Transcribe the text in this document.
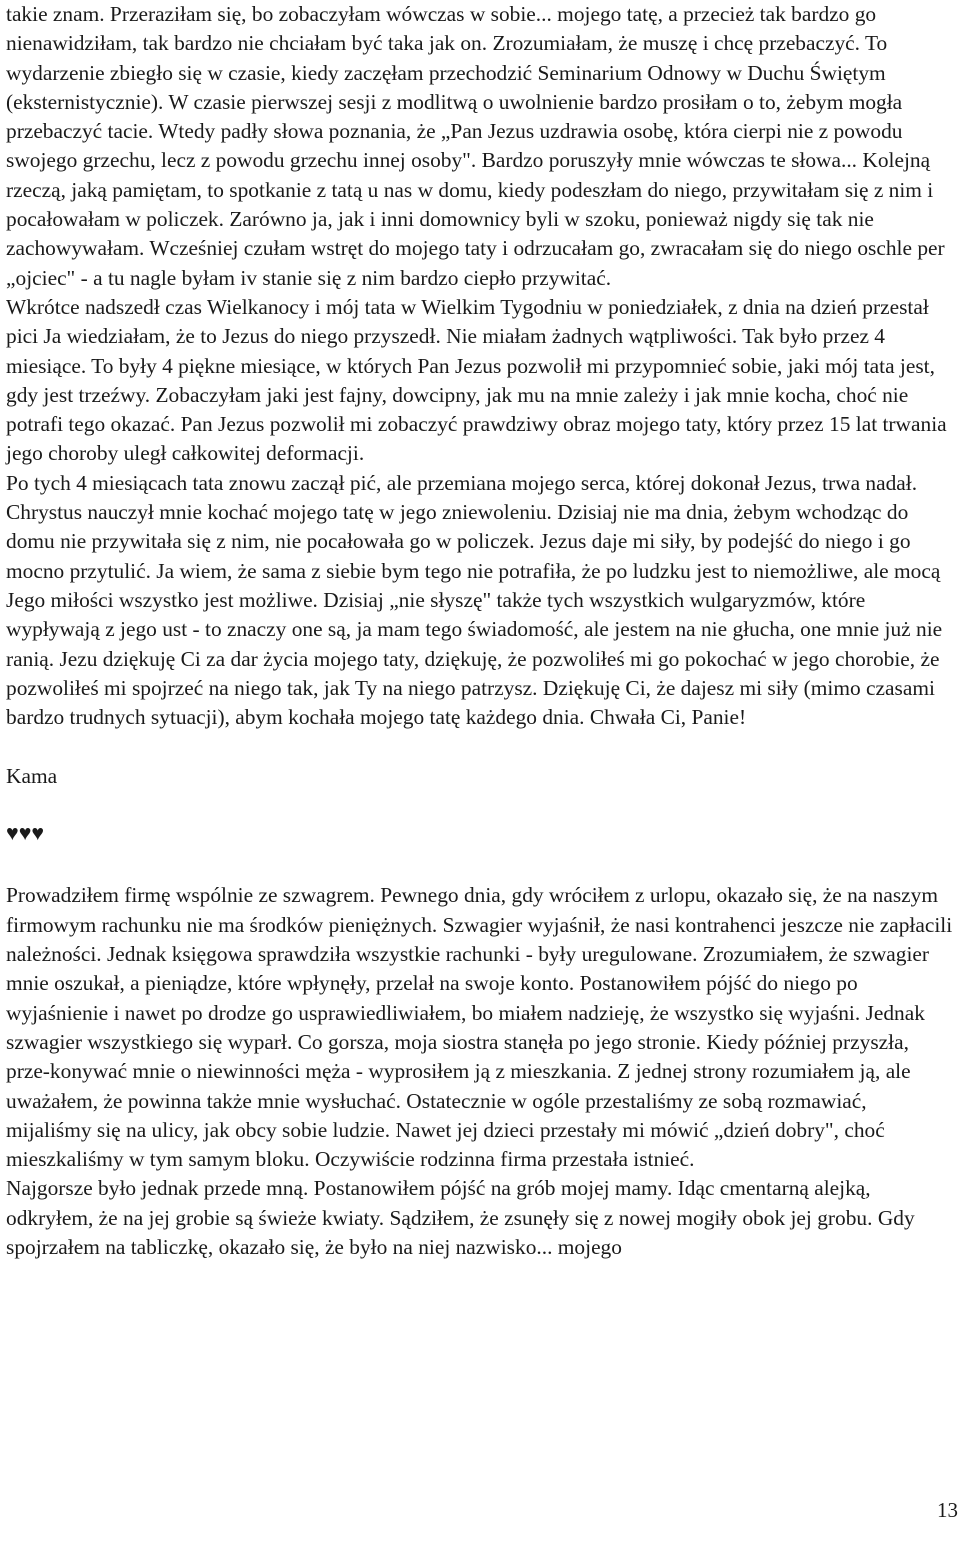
takie znam. Przeraziłam się, bo zobaczyłam wówczas w sobie... mojego tatę, a przecież tak bardzo go nienawidziłam, tak bardzo nie chciałam być taka jak on. Zrozumiałam, że muszę i chcę przebaczyć. To wydarzenie zbiegło się w czasie, kiedy zaczęłam przechodzić Seminarium Odnowy w Duchu Świętym (eksternistycznie). W czasie pierwszej sesji z modlitwą o uwolnienie bardzo prosiłam o to, żebym mogła przebaczyć tacie. Wtedy padły słowa poznania, że „Pan Jezus uzdrawia osobę, która cierpi nie z powodu swojego grzechu, lecz z powodu grzechu innej osoby". Bardzo poruszyły mnie wówczas te słowa... Kolejną rzeczą, jaką pamiętam, to spotkanie z tatą u nas w domu, kiedy podeszłam do niego, przywitałam się z nim i pocałowałam w policzek. Zarówno ja, jak i inni domownicy byli w szoku, ponieważ nigdy się tak nie zachowywałam. Wcześniej czułam wstręt do mojego taty i odrzucałam go, zwracałam się do niego oschle per „ojciec" - a tu nagle byłam iv stanie się z nim bardzo ciepło przywitać.

Wkrótce nadszedł czas Wielkanocy i mój tata w Wielkim Tygodniu w poniedziałek, z dnia na dzień przestał pici Ja wiedziałam, że to Jezus do niego przyszedł. Nie miałam żadnych wątpliwości. Tak było przez 4 miesiące. To były 4 piękne miesiące, w których Pan Jezus pozwolił mi przypomnieć sobie, jaki mój tata jest, gdy jest trzeźwy. Zobaczyłam jaki jest fajny, dowcipny, jak mu na mnie zależy i jak mnie kocha, choć nie potrafi tego okazać. Pan Jezus pozwolił mi zobaczyć prawdziwy obraz mojego taty, który przez 15 lat trwania jego choroby uległ całkowitej deformacji.

Po tych 4 miesiącach tata znowu zaczął pić, ale przemiana mojego serca, której dokonał Jezus, trwa nadał. Chrystus nauczył mnie kochać mojego tatę w jego zniewoleniu. Dzisiaj nie ma dnia, żebym wchodząc do domu nie przywitała się z nim, nie pocałowała go w policzek. Jezus daje mi siły, by podejść do niego i go mocno przytulić. Ja wiem, że sama z siebie bym tego nie potrafiła, że po ludzku jest to niemożliwe, ale mocą Jego miłości wszystko jest możliwe. Dzisiaj „nie słyszę" także tych wszystkich wulgaryzmów, które wypływają z jego ust - to znaczy one są, ja mam tego świadomość, ale jestem na nie głucha, one mnie już nie ranią. Jezu dziękuję Ci za dar życia mojego taty, dziękuję, że pozwoliłeś mi go pokochać w jego chorobie, że pozwoliłeś mi spojrzeć na niego tak, jak Ty na niego patrzysz. Dziękuję Ci, że dajesz mi siły (mimo czasami bardzo trudnych sytuacji), abym kochała mojego tatę każdego dnia. Chwała Ci, Panie!

Kama

♥♥♥

Prowadziłem firmę wspólnie ze szwagrem. Pewnego dnia, gdy wróciłem z urlopu, okazało się, że na naszym firmowym rachunku nie ma środków pieniężnych. Szwagier wyjaśnił, że nasi kontrahenci jeszcze nie zapłacili należności. Jednak księgowa sprawdziła wszystkie rachunki - były uregulowane. Zrozumiałem, że szwagier mnie oszukał, a pieniądze, które wpłynęły, przelał na swoje konto. Postanowiłem pójść do niego po wyjaśnienie i nawet po drodze go usprawiedliwiałem, bo miałem nadzieję, że wszystko się wyjaśni. Jednak szwagier wszystkiego się wyparł. Co gorsza, moja siostra stanęła po jego stronie. Kiedy później przyszła, prze-konywać mnie o niewinności męża - wyprosiłem ją z mieszkania. Z jednej strony rozumiałem ją, ale uważałem, że powinna także mnie wysłuchać. Ostatecznie w ogóle przestaliśmy ze sobą rozmawiać, mijaliśmy się na ulicy, jak obcy sobie ludzie. Nawet jej dzieci przestały mi mówić „dzień dobry", choć mieszkaliśmy w tym samym bloku. Oczywiście rodzinna firma przestała istnieć.

Najgorsze było jednak przede mną. Postanowiłem pójść na grób mojej mamy. Idąc cmentarną alejką, odkryłem, że na jej grobie są świeże kwiaty. Sądziłem, że zsunęły się z nowej mogiły obok jej grobu. Gdy spojrzałem na tabliczkę, okazało się, że było na niej nazwisko... mojego

13
